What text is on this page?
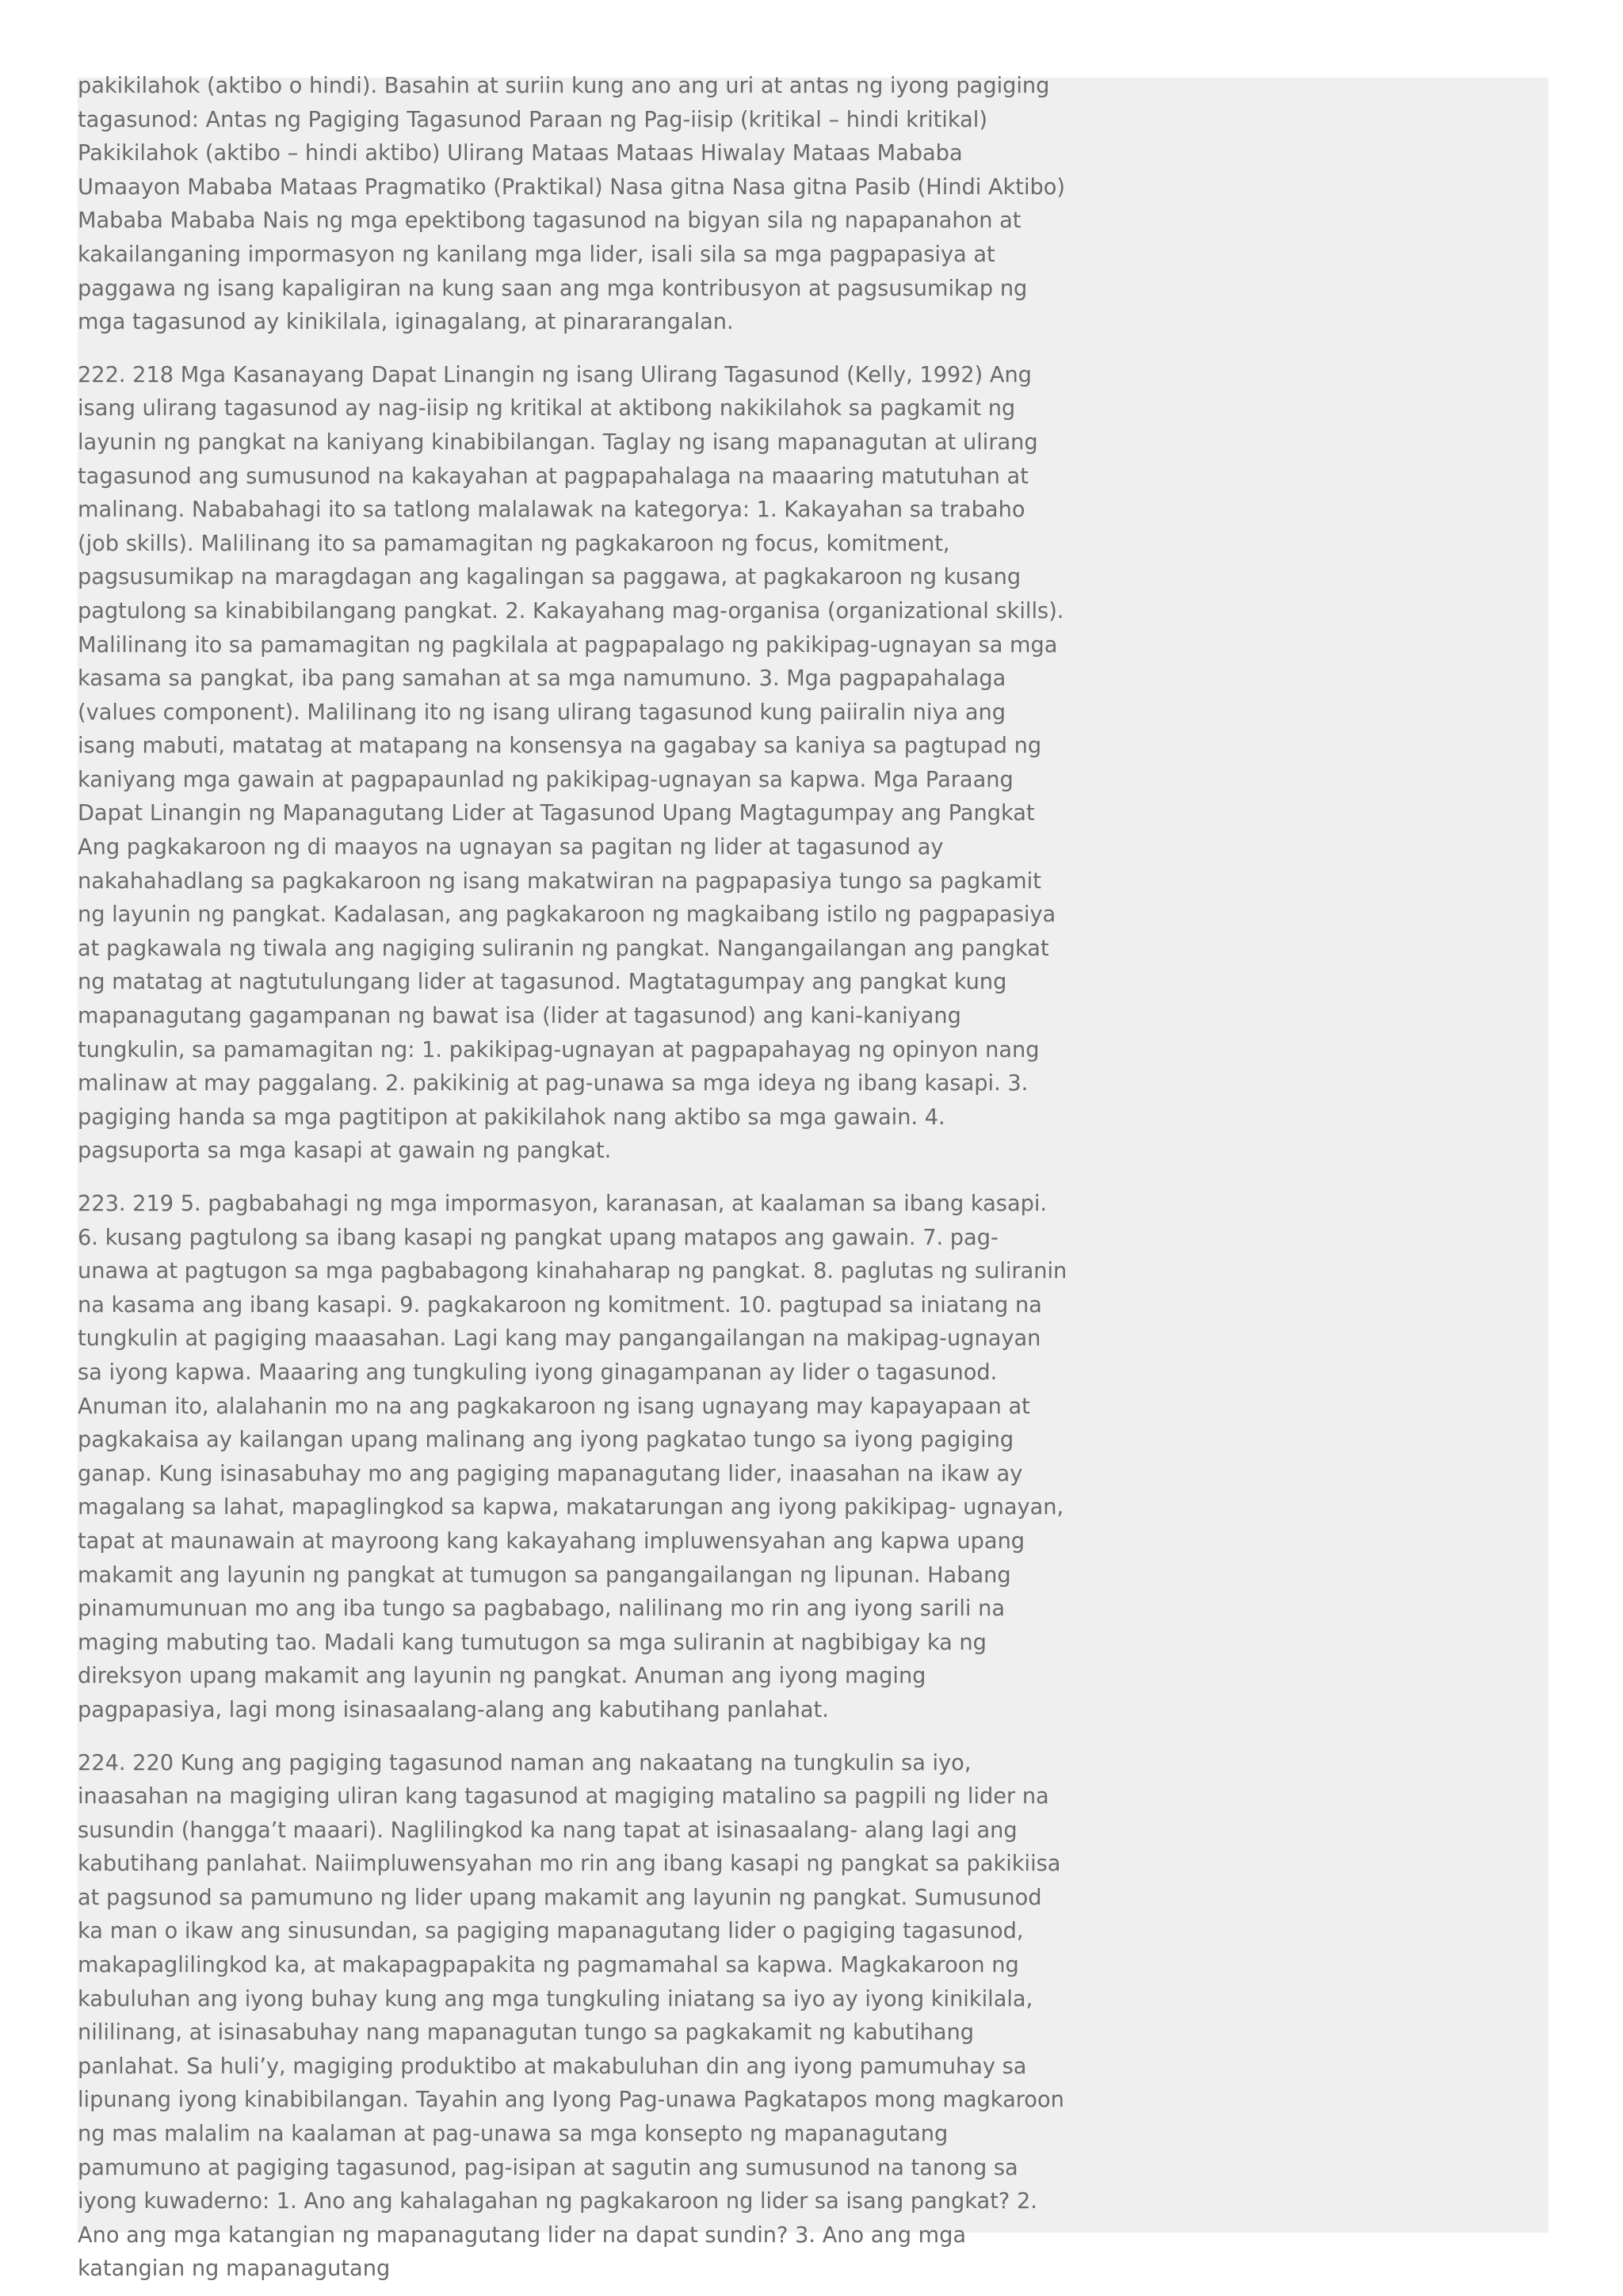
pakikilahok (aktibo o hindi). Basahin at suriin kung ano ang uri at antas ng iyong pagiging tagasunod: Antas ng Pagiging Tagasunod Paraan ng Pag-iisip (kritikal – hindi kritikal) Pakikilahok (aktibo – hindi aktibo) Ulirang Mataas Mataas Hiwalay Mataas Mababa Umaayon Mababa Mataas Pragmatiko (Praktikal) Nasa gitna Nasa gitna Pasib (Hindi Aktibo) Mababa Mababa Nais ng mga epektibong tagasunod na bigyan sila ng napapanahon at kakailanganing impormasyon ng kanilang mga lider, isali sila sa mga pagpapasiya at paggawa ng isang kapaligiran na kung saan ang mga kontribusyon at pagsusumikap ng mga tagasunod ay kinikilala, iginagalang, at pinararangalan.

222. 218 Mga Kasanayang Dapat Linangin ng isang Ulirang Tagasunod (Kelly, 1992) Ang isang ulirang tagasunod ay nag-iisip ng kritikal at aktibong nakikilahok sa pagkamit ng layunin ng pangkat na kaniyang kinabibilangan. Taglay ng isang mapanagutan at ulirang tagasunod ang sumusunod na kakayahan at pagpapahalaga na maaaring matutuhan at malinang. Nababahagi ito sa tatlong malalawak na kategorya: 1. Kakayahan sa trabaho (job skills). Malilinang ito sa pamamagitan ng pagkakaroon ng focus, komitment, pagsusumikap na maragdagan ang kagalingan sa paggawa, at pagkakaroon ng kusang pagtulong sa kinabibilangang pangkat. 2. Kakayahang mag-organisa (organizational skills). Malilinang ito sa pamamagitan ng pagkilala at pagpapalago ng pakikipag-ugnayan sa mga kasama sa pangkat, iba pang samahan at sa mga namumuno. 3. Mga pagpapahalaga (values component). Malilinang ito ng isang ulirang tagasunod kung paiiralin niya ang isang mabuti, matatag at matapang na konsensya na gagabay sa kaniya sa pagtupad ng kaniyang mga gawain at pagpapaunlad ng pakikipag-ugnayan sa kapwa. Mga Paraang Dapat Linangin ng Mapanagutang Lider at Tagasunod Upang Magtagumpay ang Pangkat Ang pagkakaroon ng di maayos na ugnayan sa pagitan ng lider at tagasunod ay nakahahadlang sa pagkakaroon ng isang makatwiran na pagpapasiya tungo sa pagkamit ng layunin ng pangkat. Kadalasan, ang pagkakaroon ng magkaibang istilo ng pagpapasiya at pagkawala ng tiwala ang nagiging suliranin ng pangkat. Nangangailangan ang pangkat ng matatag at nagtutulungang lider at tagasunod. Magtatagumpay ang pangkat kung mapanagutang gagampanan ng bawat isa (lider at tagasunod) ang kani-kaniyang tungkulin, sa pamamagitan ng: 1. pakikipag-ugnayan at pagpapahayag ng opinyon nang malinaw at may paggalang. 2. pakikinig at pag-unawa sa mga ideya ng ibang kasapi. 3. pagiging handa sa mga pagtitipon at pakikilahok nang aktibo sa mga gawain. 4. pagsuporta sa mga kasapi at gawain ng pangkat.

223. 219 5. pagbabahagi ng mga impormasyon, karanasan, at kaalaman sa ibang kasapi. 6. kusang pagtulong sa ibang kasapi ng pangkat upang matapos ang gawain. 7. pag-unawa at pagtugon sa mga pagbabagong kinahaharap ng pangkat. 8. paglutas ng suliranin na kasama ang ibang kasapi. 9. pagkakaroon ng komitment. 10. pagtupad sa iniatang na tungkulin at pagiging maaasahan. Lagi kang may pangangailangan na makipag-ugnayan sa iyong kapwa. Maaaring ang tungkuling iyong ginagampanan ay lider o tagasunod. Anuman ito, alalahanin mo na ang pagkakaroon ng isang ugnayang may kapayapaan at pagkakaisa ay kailangan upang malinang ang iyong pagkatao tungo sa iyong pagiging ganap. Kung isinasabuhay mo ang pagiging mapanagutang lider, inaasahan na ikaw ay magalang sa lahat, mapaglingkod sa kapwa, makatarungan ang iyong pakikipag- ugnayan, tapat at maunawain at mayroong kang kakayahang impluwensyahan ang kapwa upang makamit ang layunin ng pangkat at tumugon sa pangangailangan ng lipunan. Habang pinamumunuan mo ang iba tungo sa pagbabago, nalilinang mo rin ang iyong sarili na maging mabuting tao. Madali kang tumutugon sa mga suliranin at nagbibigay ka ng direksyon upang makamit ang layunin ng pangkat. Anuman ang iyong maging pagpapasiya, lagi mong isinasaalang-alang ang kabutihang panlahat.

224. 220 Kung ang pagiging tagasunod naman ang nakaatang na tungkulin sa iyo, inaasahan na magiging uliran kang tagasunod at magiging matalino sa pagpili ng lider na susundin (hangga’t maaari). Naglilingkod ka nang tapat at isinasaalang- alang lagi ang kabutihang panlahat. Naiimpluwensyahan mo rin ang ibang kasapi ng pangkat sa pakikiisa at pagsunod sa pamumuno ng lider upang makamit ang layunin ng pangkat. Sumusunod ka man o ikaw ang sinusundan, sa pagiging mapanagutang lider o pagiging tagasunod, makapaglilingkod ka, at makapagpapakita ng pagmamahal sa kapwa. Magkakaroon ng kabuluhan ang iyong buhay kung ang mga tungkuling iniatang sa iyo ay iyong kinikilala, nililinang, at isinasabuhay nang mapanagutan tungo sa pagkakamit ng kabutihang panlahat. Sa huli’y, magiging produktibo at makabuluhan din ang iyong pamumuhay sa lipunang iyong kinabibilangan. Tayahin ang Iyong Pag-unawa Pagkatapos mong magkaroon ng mas malalim na kaalaman at pag-unawa sa mga konsepto ng mapanagutang pamumuno at pagiging tagasunod, pag-isipan at sagutin ang sumusunod na tanong sa iyong kuwaderno: 1. Ano ang kahalagahan ng pagkakaroon ng lider sa isang pangkat? 2. Ano ang mga katangian ng mapanagutang lider na dapat sundin? 3. Ano ang mga katangian ng mapanagutang
